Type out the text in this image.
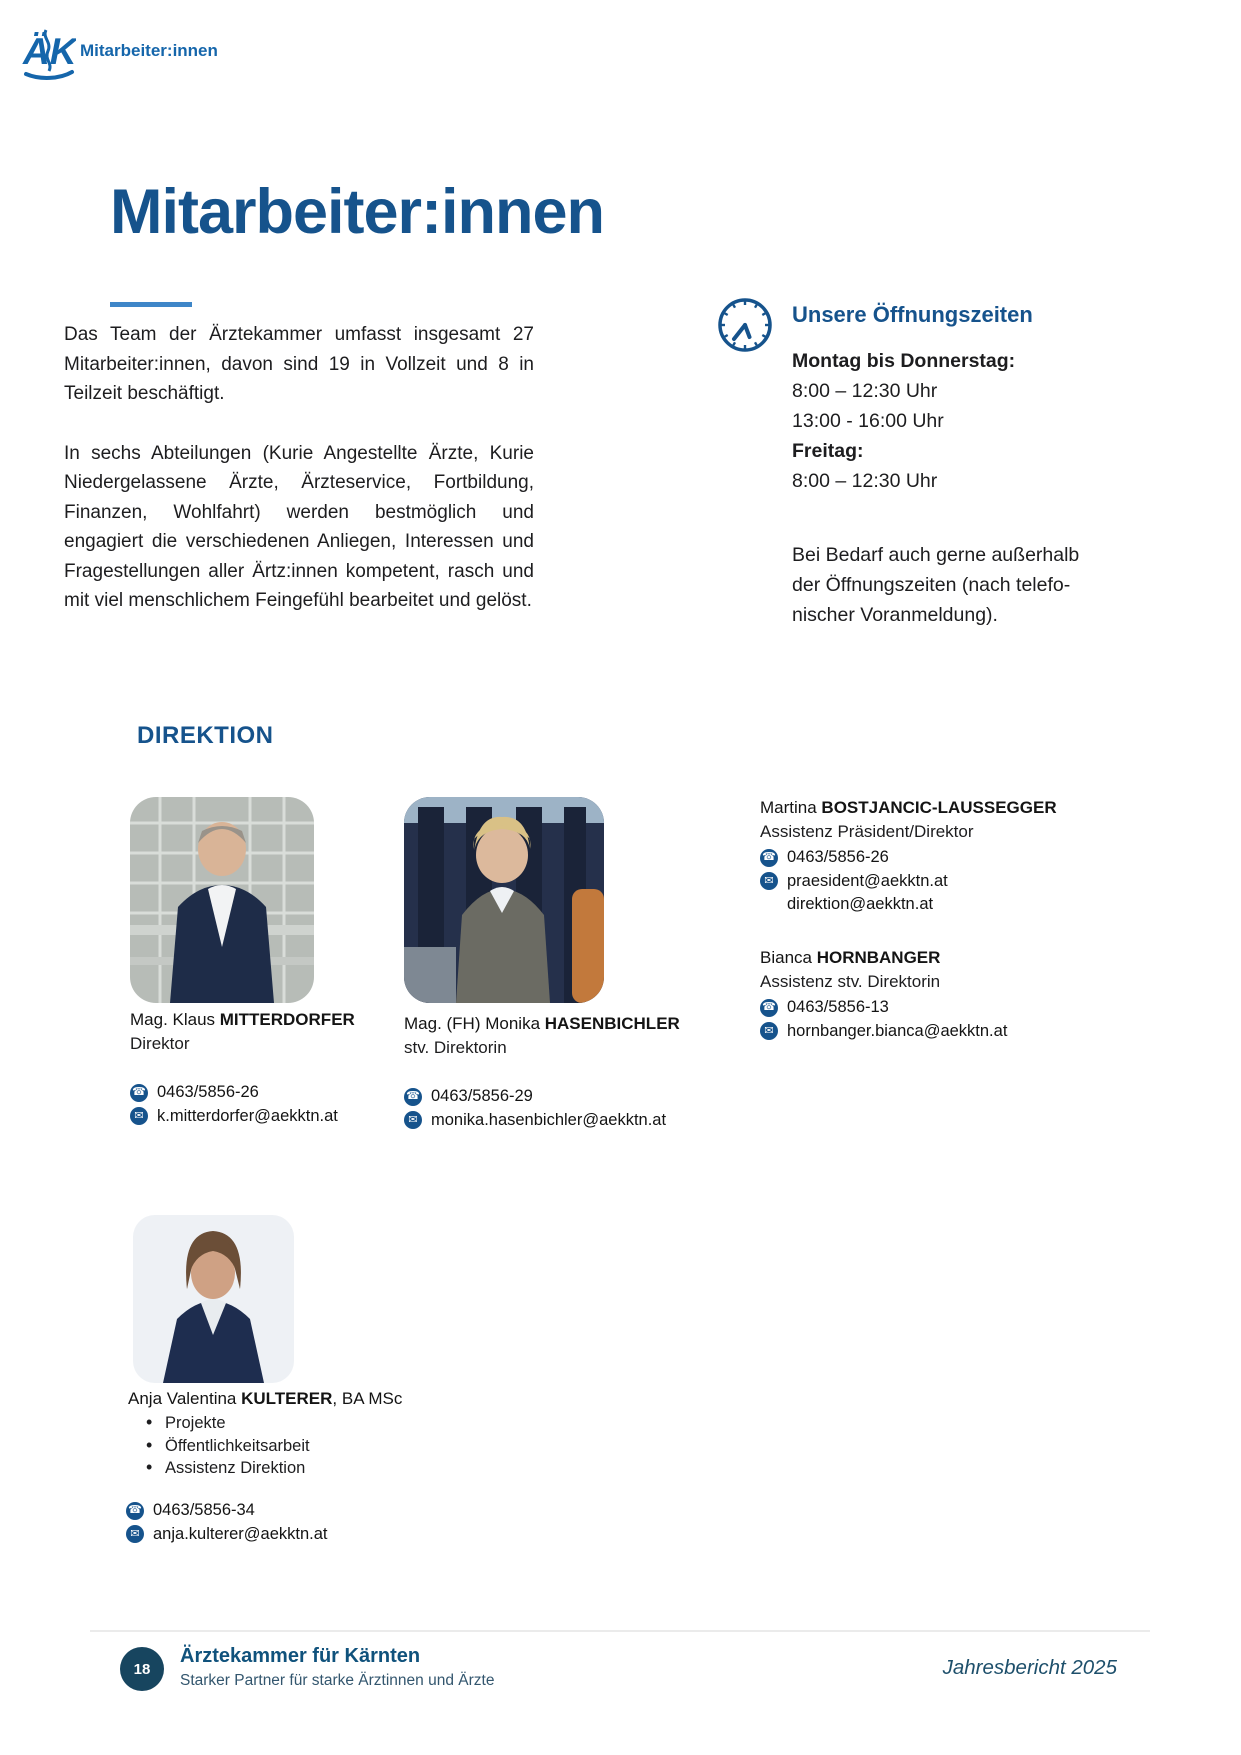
ÄK Mitarbeiter:innen
Mitarbeiter:innen

Das Team der Ärztekammer umfasst insgesamt 27 Mitarbeiter:innen, davon sind 19 in Vollzeit und 8 in Teilzeit beschäftigt.

In sechs Abteilungen (Kurie Angestellte Ärzte, Kurie Niedergelassene Ärzte, Ärzteservice, Fortbildung, Finanzen, Wohlfahrt) werden bestmöglich und engagiert die verschiedenen Anliegen, Interessen und Fragestellungen aller Ärtz:innen kompetent, rasch und mit viel menschlichem Feingefühl bearbeitet und gelöst.

Unsere Öffnungszeiten
Montag bis Donnerstag:
8:00 – 12:30 Uhr
13:00 - 16:00 Uhr
Freitag:
8:00 – 12:30 Uhr
Bei Bedarf auch gerne außerhalb
der Öffnungszeiten (nach telefo-
nischer Voranmeldung).
DIREKTION
Mag. Klaus MITTERDORFER
Direktor
☎ 0463/5856-26
✉ k.mitterdorfer@aekktn.at
Mag. (FH) Monika HASENBICHLER
stv. Direktorin
☎ 0463/5856-29
✉ monika.hasenbichler@aekktn.at
Martina BOSTJANCIC-LAUSSEGGER
Assistenz Präsident/Direktor
☎ 0463/5856-26
✉ praesident@aekktn.at
direktion@aekktn.at
Bianca HORNBANGER
Assistenz stv. Direktorin
☎ 0463/5856-13
✉ hornbanger.bianca@aekktn.at
Anja Valentina KULTERER, BA MSc
• Projekte
• Öffentlichkeitsarbeit
• Assistenz Direktion
☎ 0463/5856-34
✉ anja.kulterer@aekktn.at
18
Ärztekammer für Kärnten
Starker Partner für starke Ärztinnen und Ärzte
Jahresbericht 2025
